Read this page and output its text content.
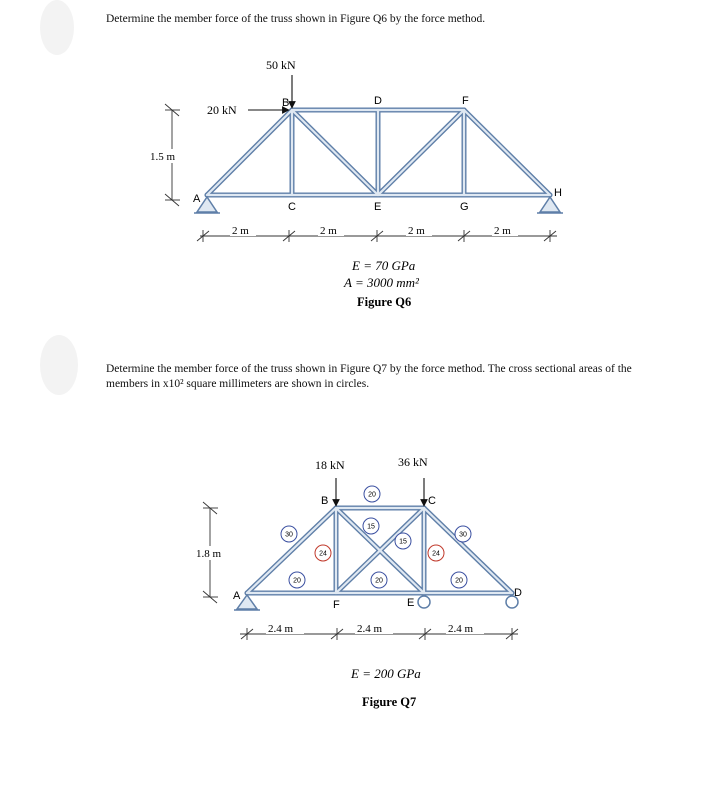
Determine the member force of the truss shown in Figure Q6 by the force method.

Determine the member force of the truss shown in Figure Q7 by the force method. The cross sectional areas of the members in x10² square millimeters are shown in circles.

50 kN
20 kN
A
B
C
D
E
F
G
H
1.5 m
2 m	2 m	2 m	2 m
E = 70 GPa
A = 3000 mm²
Figure Q6
18 kN	36 kN
A
B	C
D
E
F
30
20
24
20
15
15
20
24
30
20
1.8 m
2.4 m	2.4 m	2.4 m
E = 200 GPa
Figure Q7
